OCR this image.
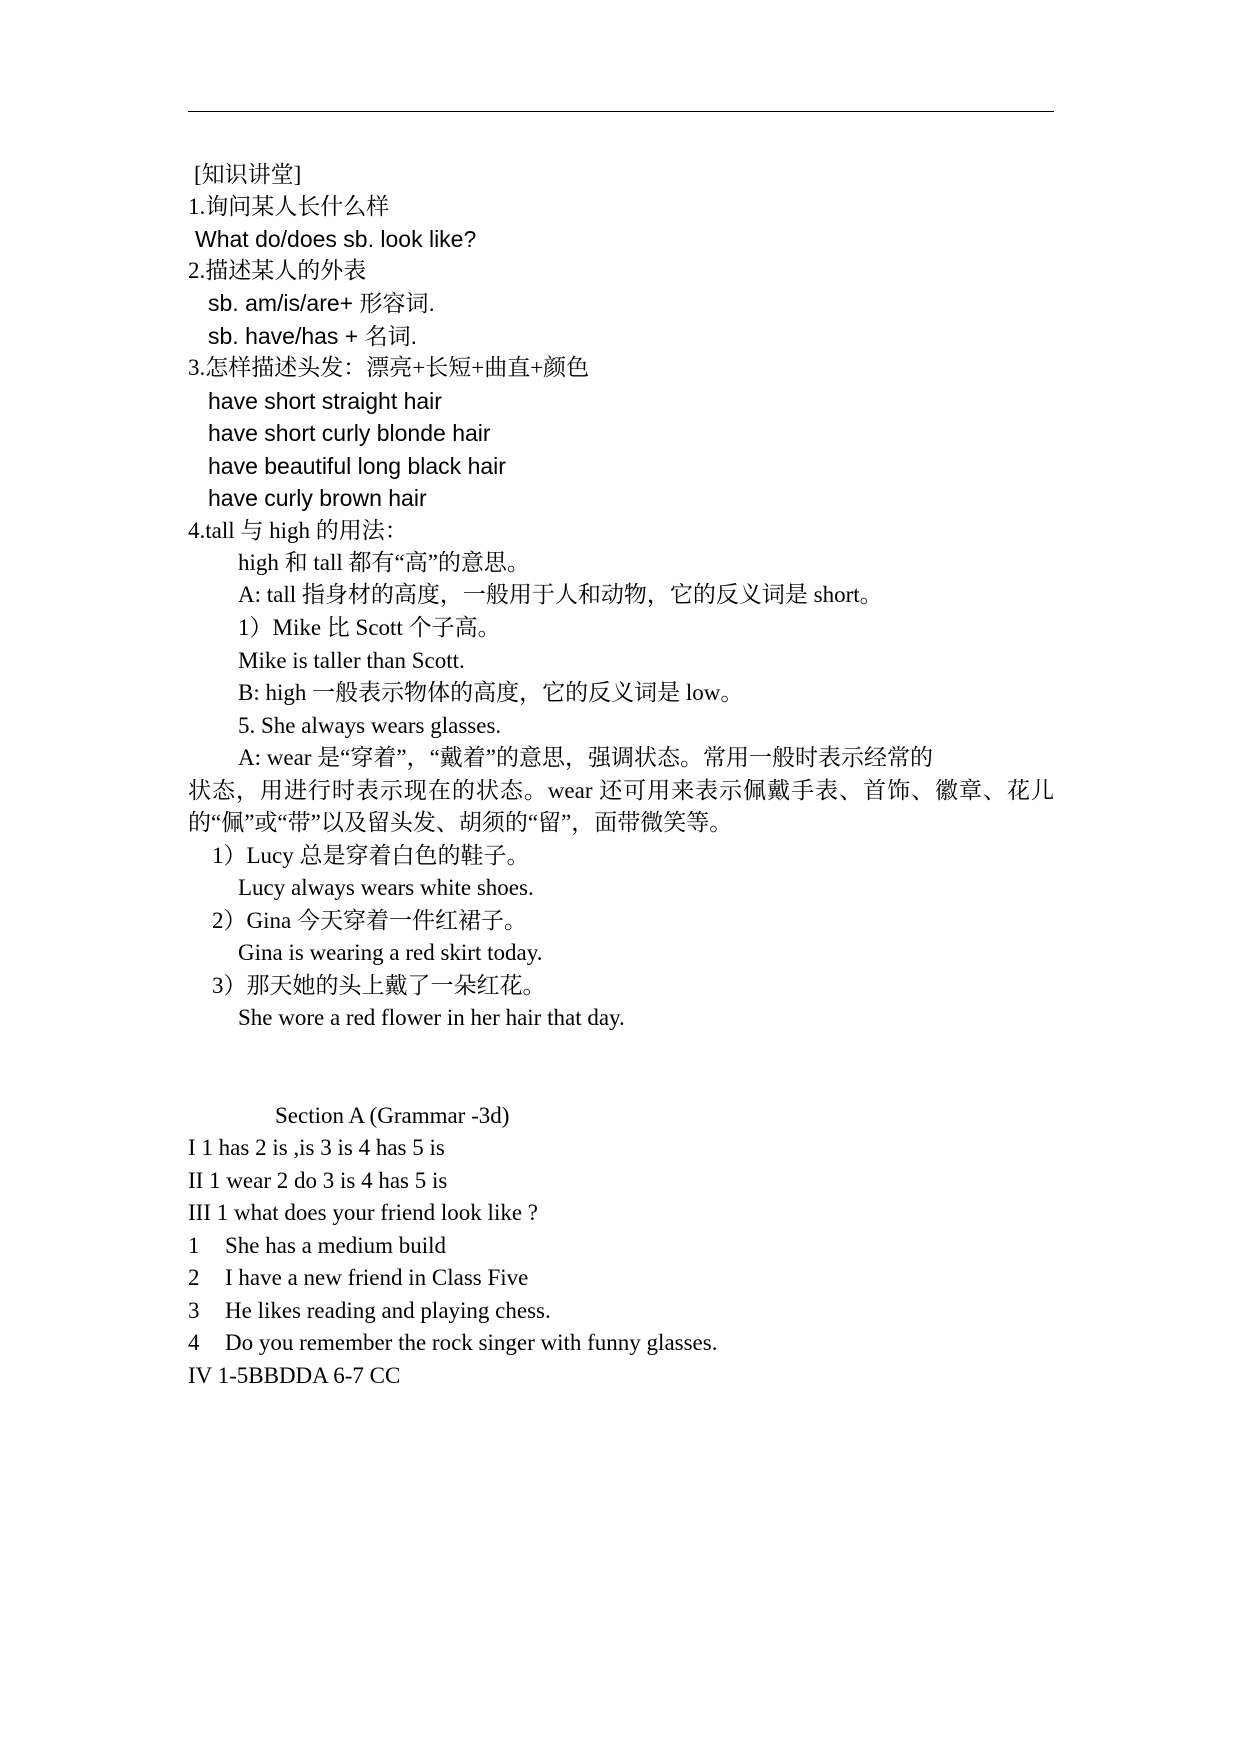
[知识讲堂]
1.询问某人长什么样
What do/does sb. look like?
2.描述某人的外表
sb. am/is/are+ 形容词.
sb. have/has + 名词.
3.怎样描述头发：漂亮+长短+曲直+颜色
have short straight hair
have short curly blonde hair
have beautiful long black hair
have curly brown hair
4.tall 与 high 的用法：
high 和 tall 都有“高”的意思。
A: tall 指身材的高度，一般用于人和动物，它的反义词是 short。
1）Mike 比 Scott 个子高。
Mike is taller than Scott.
B: high 一般表示物体的高度，它的反义词是 low。
5. She always wears glasses.
A: wear 是“穿着”，“戴着”的意思，强调状态。常用一般时表示经常的
状态，用进行时表示现在的状态。wear 还可用来表示佩戴手表、首饰、徽章、花儿
的“佩”或“带”以及留头发、胡须的“留”，面带微笑等。
1）Lucy 总是穿着白色的鞋子。
Lucy always wears white shoes.
2）Gina 今天穿着一件红裙子。
Gina is wearing a red skirt today.
3）那天她的头上戴了一朵红花。
She wore a red flower in her hair that day.
Section A (Grammar -3d)
I 1 has 2 is ,is 3 is 4 has 5 is
II 1 wear 2 do 3 is 4 has 5 is
III 1 what does your friend look like ?
1 She has a medium build
2 I have a new friend in Class Five
3 He likes reading and playing chess.
4 Do you remember the rock singer with funny glasses.
IV 1-5BBDDA 6-7 CC
